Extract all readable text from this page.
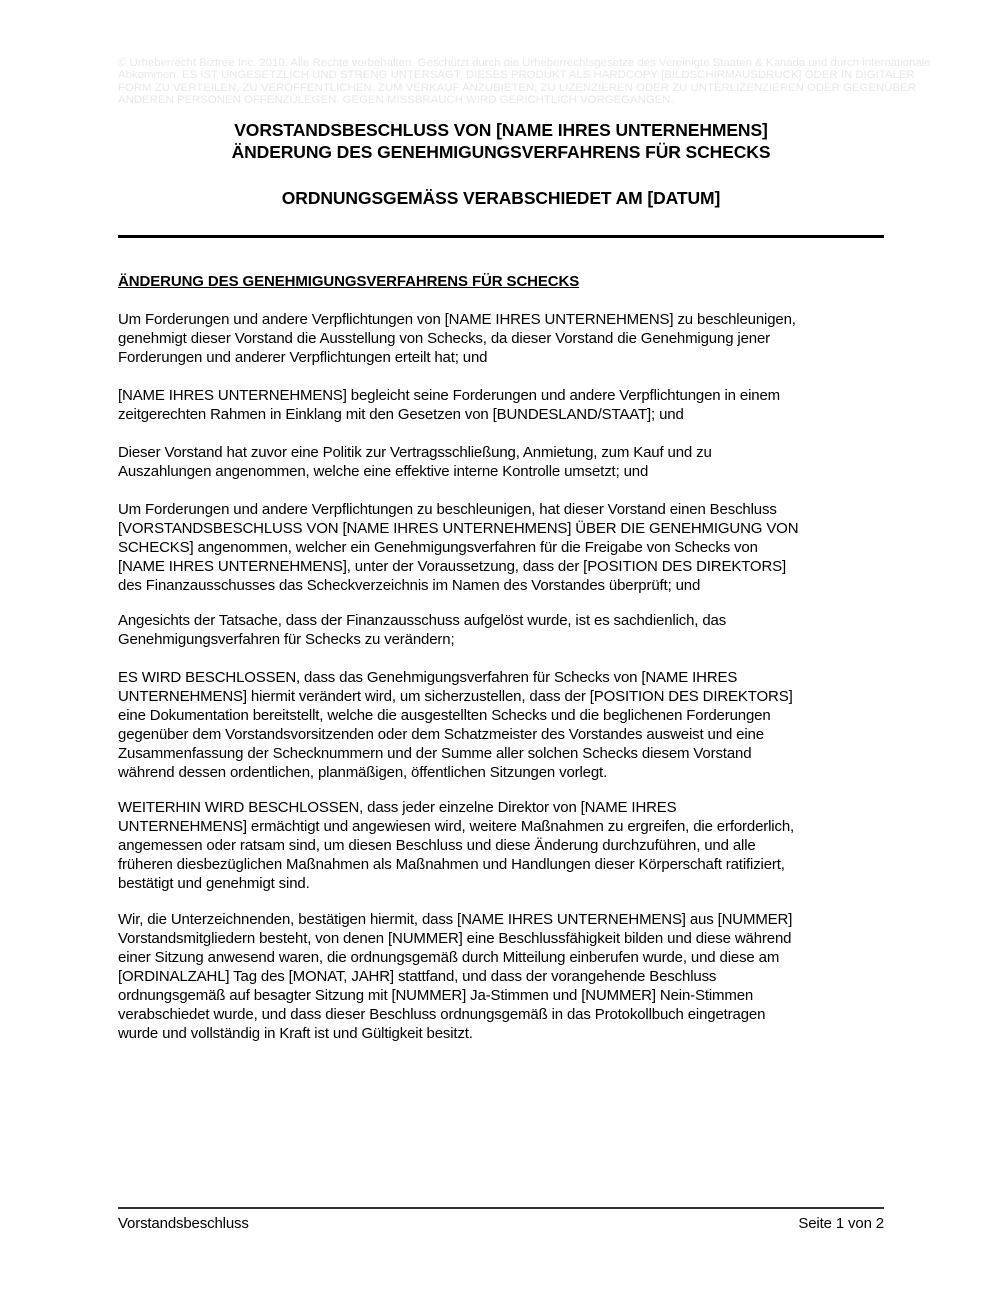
© Urheberrecht Biztree Inc. 2010. Alle Rechte vorbehalten. Geschützt durch die Urheberrechtsgesetze des Vereinigte Staaten & Kanada und durch internationale
Abkommen. ES IST UNGESETZLICH UND STRENG UNTERSAGT, DIESES PRODUKT ALS HARDCOPY [BILDSCHIRMAUSDRUCK] ODER IN DIGITALER
FORM ZU VERTEILEN, ZU VERÖFFENTLICHEN, ZUM VERKAUF ANZUBIETEN, ZU LIZENZIEREN ODER ZU UNTERLIZENZIEREN ODER GEGENÜBER
ANDEREN PERSONEN OFFENZULEGEN. GEGEN MISSBRAUCH WIRD GERICHTLICH VORGEGANGEN.
VORSTANDSBESCHLUSS VON [NAME IHRES UNTERNEHMENS]
ÄNDERUNG DES GENEHMIGUNGSVERFAHRENS FÜR SCHECKS
ORDNUNGSGEMÄSS VERABSCHIEDET AM [DATUM]
ÄNDERUNG DES GENEHMIGUNGSVERFAHRENS FÜR SCHECKS
Um Forderungen und andere Verpflichtungen von [NAME IHRES UNTERNEHMENS] zu beschleunigen,
genehmigt dieser Vorstand die Ausstellung von Schecks, da dieser Vorstand die Genehmigung jener
Forderungen und anderer Verpflichtungen erteilt hat; und
[NAME IHRES UNTERNEHMENS] begleicht seine Forderungen und andere Verpflichtungen in einem
zeitgerechten Rahmen in Einklang mit den Gesetzen von [BUNDESLAND/STAAT]; und
Dieser Vorstand hat zuvor eine Politik zur Vertragsschließung, Anmietung, zum Kauf und zu
Auszahlungen angenommen, welche eine effektive interne Kontrolle umsetzt; und
Um Forderungen und andere Verpflichtungen zu beschleunigen, hat dieser Vorstand einen Beschluss
[VORSTANDSBESCHLUSS VON [NAME IHRES UNTERNEHMENS] ÜBER DIE GENEHMIGUNG VON
SCHECKS] angenommen, welcher ein Genehmigungsverfahren für die Freigabe von Schecks von
[NAME IHRES UNTERNEHMENS], unter der Voraussetzung, dass der [POSITION DES DIREKTORS]
des Finanzausschusses das Scheckverzeichnis im Namen des Vorstandes überprüft; und
Angesichts der Tatsache, dass der Finanzausschuss aufgelöst wurde, ist es sachdienlich, das
Genehmigungsverfahren für Schecks zu verändern;
ES WIRD BESCHLOSSEN, dass das Genehmigungsverfahren für Schecks von [NAME IHRES
UNTERNEHMENS] hiermit verändert wird, um sicherzustellen, dass der [POSITION DES DIREKTORS]
eine Dokumentation bereitstellt, welche die ausgestellten Schecks und die beglichenen Forderungen
gegenüber dem Vorstandsvorsitzenden oder dem Schatzmeister des Vorstandes ausweist und eine
Zusammenfassung der Schecknummern und der Summe aller solchen Schecks diesem Vorstand
während dessen ordentlichen, planmäßigen, öffentlichen Sitzungen vorlegt.
WEITERHIN WIRD BESCHLOSSEN, dass jeder einzelne Direktor von [NAME IHRES
UNTERNEHMENS] ermächtigt und angewiesen wird, weitere Maßnahmen zu ergreifen, die erforderlich,
angemessen oder ratsam sind, um diesen Beschluss und diese Änderung durchzuführen, und alle
früheren diesbezüglichen Maßnahmen als Maßnahmen und Handlungen dieser Körperschaft ratifiziert,
bestätigt und genehmigt sind.
Wir, die Unterzeichnenden, bestätigen hiermit, dass [NAME IHRES UNTERNEHMENS] aus [NUMMER]
Vorstandsmitgliedern besteht, von denen [NUMMER] eine Beschlussfähigkeit bilden und diese während
einer Sitzung anwesend waren, die ordnungsgemäß durch Mitteilung einberufen wurde, und diese am
[ORDINALZAHL] Tag des [MONAT, JAHR] stattfand, und dass der vorangehende Beschluss
ordnungsgemäß auf besagter Sitzung mit [NUMMER] Ja-Stimmen und [NUMMER] Nein-Stimmen
verabschiedet wurde, und dass dieser Beschluss ordnungsgemäß in das Protokollbuch eingetragen
wurde und vollständig in Kraft ist und Gültigkeit besitzt.
Vorstandsbeschluss	Seite 1 von 2
